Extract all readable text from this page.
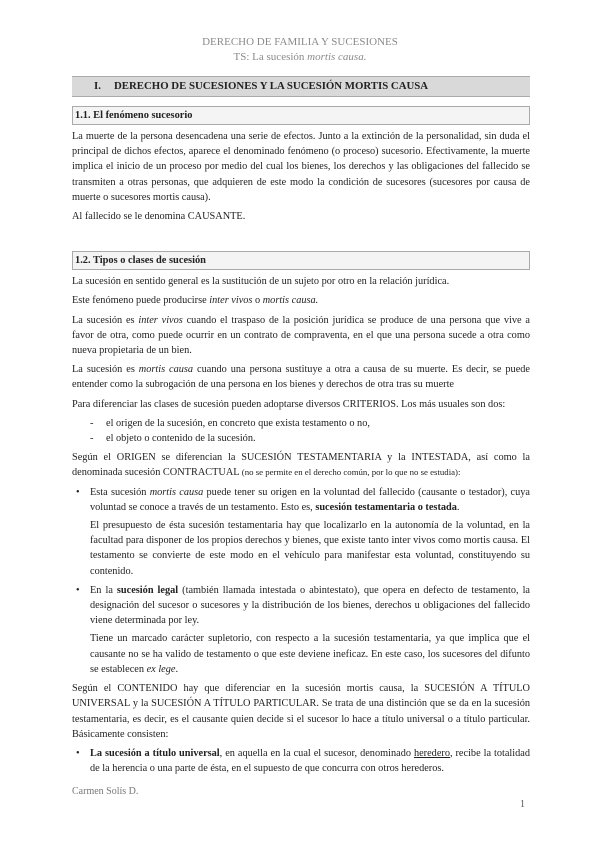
DERECHO DE FAMILIA Y SUCESIONES
TS: La sucesión mortis causa.
I. DERECHO DE SUCESIONES Y LA SUCESIÓN MORTIS CAUSA
1.1. El fenómeno sucesorio

La muerte de la persona desencadena una serie de efectos. Junto a la extinción de la personalidad, sin duda el principal de dichos efectos, aparece el denominado fenómeno (o proceso) sucesorio. Efectivamente, la muerte implica el inicio de un proceso por medio del cual los bienes, los derechos y las obligaciones del fallecido se transmiten a otras personas, que adquieren de este modo la condición de sucesores (sucesores por causa de muerte o sucesores mortis causa).

Al fallecido se le denomina CAUSANTE.

1.2. Tipos o clases de sucesión

La sucesión en sentido general es la sustitución de un sujeto por otro en la relación jurídica.

Este fenómeno puede producirse inter vivos o mortis causa.

La sucesión es inter vivos cuando el traspaso de la posición jurídica se produce de una persona que vive a favor de otra, como puede ocurrir en un contrato de compraventa, en el que una persona sucede a otra como nueva propietaria de un bien.

La sucesión es mortis causa cuando una persona sustituye a otra a causa de su muerte. Es decir, se puede entender como la subrogación de una persona en los bienes y derechos de otra tras su muerte

Para diferenciar las clases de sucesión pueden adoptarse diversos CRITERIOS. Los más usuales son dos:

- el origen de la sucesión, en concreto que exista testamento o no,
- el objeto o contenido de la sucesión.

Según el ORIGEN se diferencian la SUCESIÓN TESTAMENTARIA y la INTESTADA, así como la denominada sucesión CONTRACTUAL (no se permite en el derecho común, por lo que no se estudia):

• Esta sucesión mortis causa puede tener su origen en la voluntad del fallecido (causante o testador), cuya voluntad se conoce a través de un testamento. Esto es, sucesión testamentaria o testada.

El presupuesto de ésta sucesión testamentaria hay que localizarlo en la autonomía de la voluntad, en la facultad para disponer de los propios derechos y bienes, que existe tanto inter vivos como mortis causa. El testamento se convierte de este modo en el vehículo para manifestar esta voluntad, constituyendo su contenido.

• En la sucesión legal (también llamada intestada o abintestato), que opera en defecto de testamento, la designación del sucesor o sucesores y la distribución de los bienes, derechos u obligaciones del fallecido viene determinada por ley.

Tiene un marcado carácter supletorio, con respecto a la sucesión testamentaria, ya que implica que el causante no se ha valido de testamento o que este deviene ineficaz. En este caso, los sucesores del difunto se establecen ex lege.

Según el CONTENIDO hay que diferenciar en la sucesión mortis causa, la SUCESIÓN A TÍTULO UNIVERSAL y la SUCESIÓN A TÍTULO PARTICULAR. Se trata de una distinción que se da en la sucesión testamentaria, es decir, es el causante quien decide si el sucesor lo hace a título universal o a título particular. Básicamente consisten:

• La sucesión a título universal, en aquella en la cual el sucesor, denominado heredero, recibe la totalidad de la herencia o una parte de ésta, en el supuesto de que concurra con otros herederos.
Carmen Solís D.
1
